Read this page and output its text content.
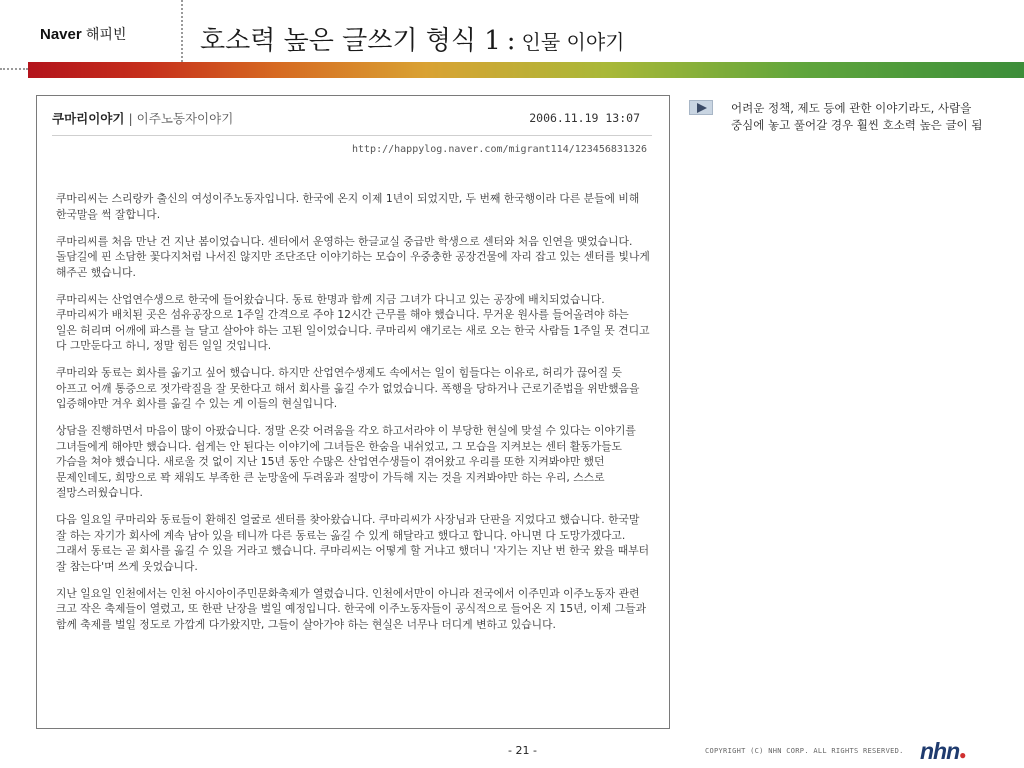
Naver 해피빈	호소력 높은 글쓰기 형식 1 : 인물 이야기
쿠마리이야기 | 이주노동자이야기	2006.11.19 13:07
http://happylog.naver.com/migrant114/123456831326

쿠마리씨는 스리랑카 출신의 여성이주노동자입니다. 한국에 온지 이제 1년이 되었지만, 두 번째 한국행이라 다른 분들에 비해 한국말을 썩 잘합니다.

쿠마리씨를 처음 만난 건 지난 봄이었습니다. 센터에서 운영하는 한글교실 중급반 학생으로 센터와 처음 인연을 맺었습니다. 돌담길에 핀 소담한 꽃다지처럼 나서진 않지만 조단조단 이야기하는 모습이 우중충한 공장건물에 자리 잡고 있는 센터를 빛나게 해주곤 했습니다.

쿠마리씨는 산업연수생으로 한국에 들어왔습니다. 동료 한명과 함께 지금 그녀가 다니고 있는 공장에 배치되었습니다. 쿠마리씨가 배치된 곳은 섬유공장으로 1주일 간격으로 주야 12시간 근무를 해야 했습니다. 무거운 원사를 들어올려야 하는 일은 허리며 어깨에 파스를 늘 달고 살아야 하는 고된 일이었습니다. 쿠마리씨 얘기로는 새로 오는 한국 사람들 1주일 못 견디고 다 그만둔다고 하니, 정말 힘든 일일 것입니다.

쿠마리와 동료는 회사를 옮기고 싶어 했습니다. 하지만 산업연수생제도 속에서는 일이 힘들다는 이유로, 허리가 끊어질 듯 아프고 어깨 통증으로 젓가락질을 잘 못한다고 해서 회사를 옮길 수가 없었습니다. 폭행을 당하거나 근로기준법을 위반했음을 입증해야만 겨우 회사를 옮길 수 있는 게 이들의 현실입니다.

상담을 진행하면서 마음이 많이 아팠습니다. 정말 온갖 어려움을 각오 하고서라야 이 부당한 현실에 맞설 수 있다는 이야기를 그녀들에게 해야만 했습니다. 쉽게는 안 된다는 이야기에 그녀들은 한숨을 내쉬었고, 그 모습을 지켜보는 센터 활동가들도 가슴을 쳐야 했습니다. 새로울 것 없이 지난 15년 동안 수많은 산업연수생들이 겪어왔고 우리를 또한 지켜봐야만 했던 문제인데도, 희망으로 꽉 채워도 부족한 큰 눈망울에 두려움과 절망이 가득해 지는 것을 지켜봐야만 하는 우리, 스스로 절망스러웠습니다.

다음 일요일 쿠마리와 동료들이 환해진 얼굴로 센터를 찾아왔습니다. 쿠마리씨가 사장님과 단판을 지었다고 했습니다. 한국말 잘 하는 자기가 회사에 계속 남아 있을 테니까 다른 동료는 옮길 수 있게 해달라고 했다고 합니다. 아니면 다 도망가겠다고. 그래서 동료는 곧 회사를 옮길 수 있을 거라고 했습니다. 쿠마리씨는 어떻게 할 거냐고 했더니 '자기는 지난 번 한국 왔을 때부터 잘 참는다'며 쓰게 웃었습니다.

지난 일요일 인천에서는 인천 아시아이주민문화축제가 열렸습니다. 인천에서만이 아니라 전국에서 이주민과 이주노동자 관련 크고 작은 축제들이 열렸고, 또 한판 난장을 벌일 예정입니다. 한국에 이주노동자들이 공식적으로 들어온 지 15년, 이제 그들과 함께 축제를 벌일 정도로 가깝게 다가왔지만, 그들이 살아가야 하는 현실은 너무나 더디게 변하고 있습니다.

어려운 정책, 제도 등에 관한 이야기라도, 사람을 중심에 놓고 풀어갈 경우 훨씬 호소력 높은 글이 됨
- 21 -	COPYRIGHT (C) NHN CORP. ALL RIGHTS RESERVED. nhn●
